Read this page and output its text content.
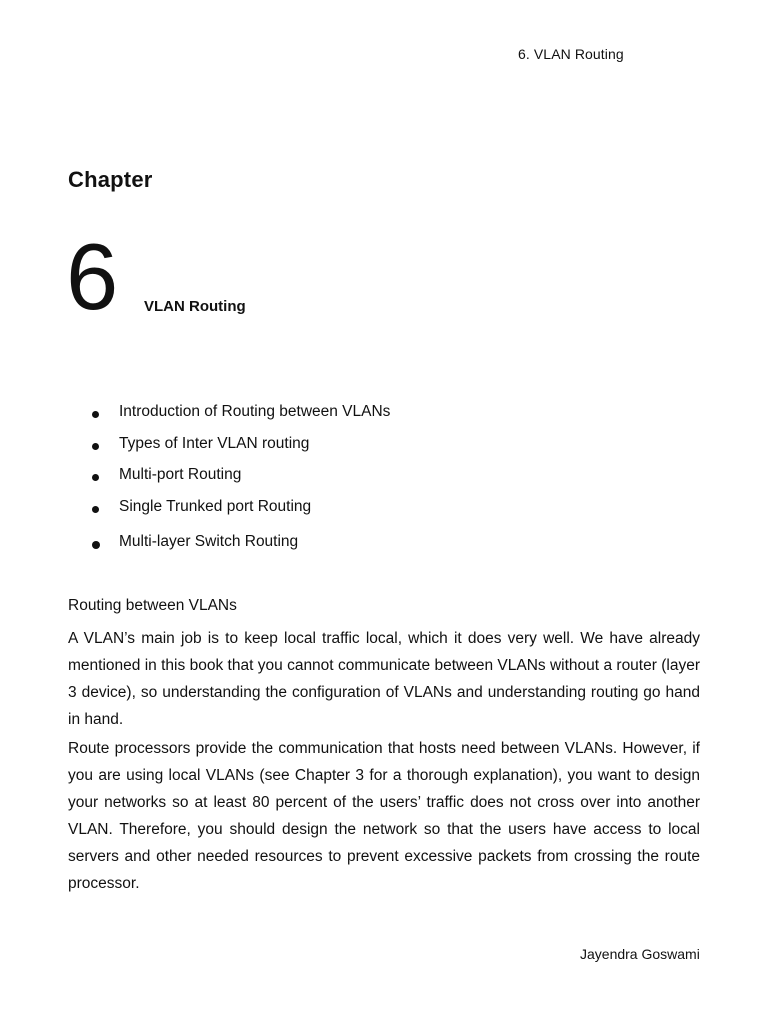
6. VLAN Routing
Chapter
6 VLAN Routing
Introduction of Routing between VLANs
Types of Inter VLAN routing
Multi-port Routing
Single Trunked port Routing
Multi-layer Switch Routing
Routing between VLANs

A VLAN’s main job is to keep local traffic local, which it does very well. We have already mentioned in this book that you cannot communicate between VLANs without a router (layer 3 device), so understanding the configuration of VLANs and understanding routing go hand in hand.

Route processors provide the communication that hosts need between VLANs. However, if you are using local VLANs (see Chapter 3 for a thorough explanation), you want to design your networks so at least 80 percent of the users’ traffic does not cross over into another VLAN. Therefore, you should design the network so that the users have access to local servers and other needed resources to prevent excessive packets from crossing the route processor.

Jayendra Goswami
